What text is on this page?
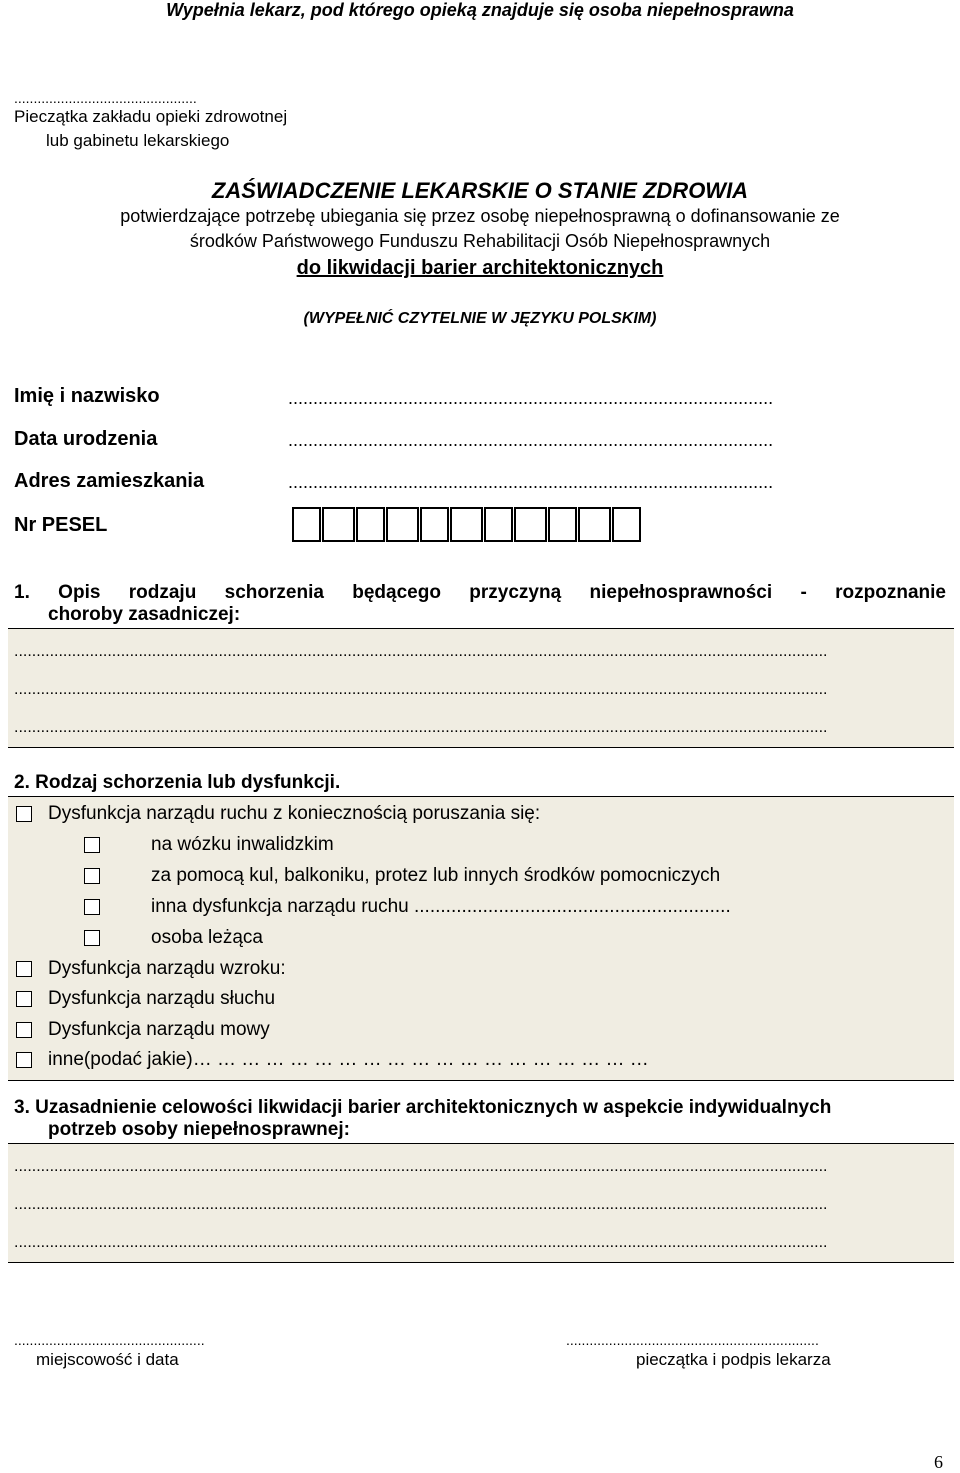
Wypełnia lekarz, pod którego opieką znajduje się osoba niepełnosprawna
...............................................
Pieczątka zakładu opieki zdrowotnej
lub gabinetu lekarskiego
ZAŚWIADCZENIE LEKARSKIE O STANIE ZDROWIA
potwierdzające potrzebę ubiegania się przez osobę niepełnosprawną o dofinansowanie ze
środków Państwowego Funduszu Rehabilitacji Osób Niepełnosprawnych
do likwidacji barier architektonicznych
(WYPEŁNIĆ CZYTELNIE W JĘZYKU POLSKIM)
Imię i nazwisko	.................................................................................................
Data urodzenia	.................................................................................................
Adres zamieszkania	.................................................................................................
Nr PESEL
1. Opis rodzaju schorzenia będącego przyczyną niepełnosprawności - rozpoznanie
choroby zasadniczej:
.......................................................................................................................................................................................
.......................................................................................................................................................................................
.......................................................................................................................................................................................
2. Rodzaj schorzenia lub dysfunkcji.
Dysfunkcja narządu ruchu z koniecznością poruszania się:
na wózku inwalidzkim
za pomocą kul, balkoniku, protez lub innych środków pomocniczych
inna dysfunkcja narządu ruchu ............................................................
osoba leżąca
Dysfunkcja narządu wzroku:
Dysfunkcja narządu słuchu
Dysfunkcja narządu mowy
inne(podać jakie)… … … … … … … … … … … … … … … … … … …
3. Uzasadnienie celowości likwidacji barier architektonicznych w aspekcie indywidualnych
potrzeb osoby niepełnosprawnej:
.......................................................................................................................................................................................
.......................................................................................................................................................................................
.......................................................................................................................................................................................
.................................................
miejscowość i data
.................................................................
pieczątka i podpis lekarza
6
